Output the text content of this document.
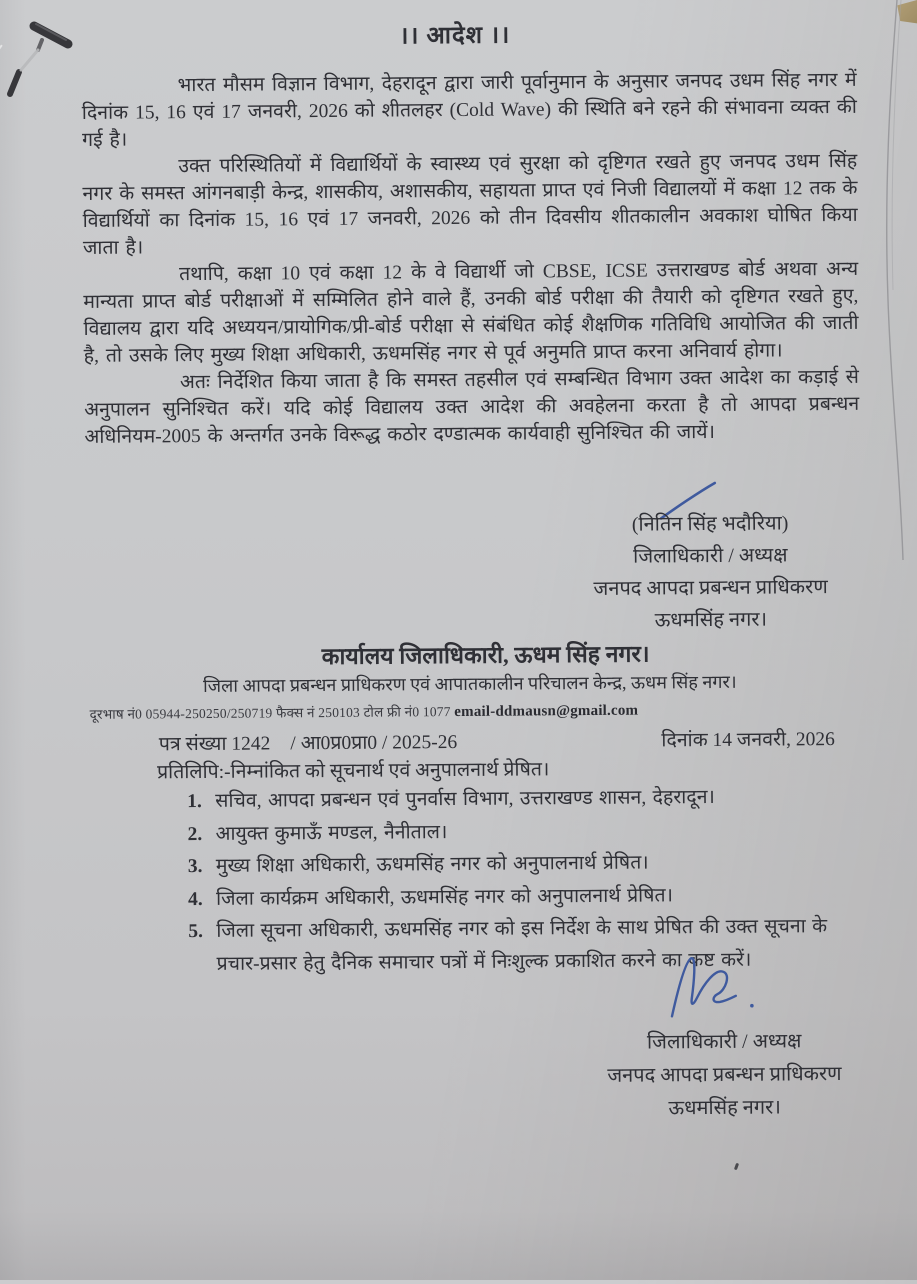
।। आदेश ।।

भारत मौसम विज्ञान विभाग, देहरादून द्वारा जारी पूर्वानुमान के अनुसार जनपद उधम सिंह नगर में दिनांक 15, 16 एवं 17 जनवरी, 2026 को शीतलहर (Cold Wave) की स्थिति बने रहने की संभावना व्यक्त की गई है।

उक्त परिस्थितियों में विद्यार्थियों के स्वास्थ्य एवं सुरक्षा को दृष्टिगत रखते हुए जनपद उधम सिंह नगर के समस्त आंगनबाड़ी केन्द्र, शासकीय, अशासकीय, सहायता प्राप्त एवं निजी विद्यालयों में कक्षा 12 तक के विद्यार्थियों का दिनांक 15, 16 एवं 17 जनवरी, 2026 को तीन दिवसीय शीतकालीन अवकाश घोषित किया जाता है।

तथापि, कक्षा 10 एवं कक्षा 12 के वे विद्यार्थी जो CBSE, ICSE उत्तराखण्ड बोर्ड अथवा अन्य मान्यता प्राप्त बोर्ड परीक्षाओं में सम्मिलित होने वाले हैं, उनकी बोर्ड परीक्षा की तैयारी को दृष्टिगत रखते हुए, विद्यालय द्वारा यदि अध्ययन/प्रायोगिक/प्री-बोर्ड परीक्षा से संबंधित कोई शैक्षणिक गतिविधि आयोजित की जाती है, तो उसके लिए मुख्य शिक्षा अधिकारी, ऊधमसिंह नगर से पूर्व अनुमति प्राप्त करना अनिवार्य होगा।

अतः निर्देशित किया जाता है कि समस्त तहसील एवं सम्बन्धित विभाग उक्त आदेश का कड़ाई से अनुपालन सुनिश्चित करें। यदि कोई विद्यालय उक्त आदेश की अवहेलना करता है तो आपदा प्रबन्धन अधिनियम-2005 के अन्तर्गत उनके विरूद्ध कठोर दण्डात्मक कार्यवाही सुनिश्चित की जायें।

(नितिन सिंह भदौरिया)
जिलाधिकारी / अध्यक्ष
जनपद आपदा प्रबन्धन प्राधिकरण
ऊधमसिंह नगर।
कार्यालय जिलाधिकारी, ऊधम सिंह नगर।
जिला आपदा प्रबन्धन प्राधिकरण एवं आपातकालीन परिचालन केन्द्र, ऊधम सिंह नगर।
दूरभाष नं0 05944-250250/250719 फैक्स नं 250103 टोल फ्री नं0 1077 email-ddmausn@gmail.com
पत्र संख्या 1242 / आ0प्र0प्रा0 / 2025-26	दिनांक 14 जनवरी, 2026
प्रतिलिपि:-निम्नांकित को सूचनार्थ एवं अनुपालनार्थ प्रेषित।
1. सचिव, आपदा प्रबन्धन एवं पुनर्वास विभाग, उत्तराखण्ड शासन, देहरादून।
2. आयुक्त कुमाऊँ मण्डल, नैनीताल।
3. मुख्य शिक्षा अधिकारी, ऊधमसिंह नगर को अनुपालनार्थ प्रेषित।
4. जिला कार्यक्रम अधिकारी, ऊधमसिंह नगर को अनुपालनार्थ प्रेषित।
5. जिला सूचना अधिकारी, ऊधमसिंह नगर को इस निर्देश के साथ प्रेषित की उक्त सूचना के प्रचार-प्रसार हेतु दैनिक समाचार पत्रों में निःशुल्क प्रकाशित करने का कष्ट करें।
जिलाधिकारी / अध्यक्ष
जनपद आपदा प्रबन्धन प्राधिकरण
ऊधमसिंह नगर।
